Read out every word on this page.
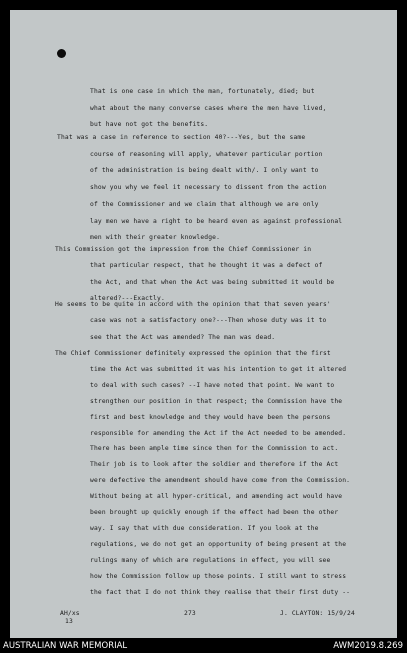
That is one case in which the man, fortunately, died; but
what about the many converse cases where the men have lived,
but have not got the benefits.
That was a case in reference to section 40?---Yes, but the same
course of reasoning will apply, whatever particular portion
of the administration is being dealt with/. I only want to
show you why we feel it necessary to dissent from the action
of the Commissioner and we claim that although we are only
lay men we have a right to be heard even as against professional
men with their greater knowledge.
This Commission got the impression from the Chief Commissioner in
that particular respect, that he thought it was a defect of
the Act, and that when the Act was being submitted it would be
altered?---Exactly.
He seems to be quite in accord with the opinion that that seven years'
case was not a satisfactory one?---Then whose duty was it to
see that the Act was amended? The man was dead.
The Chief Commissioner definitely expressed the opinion that the first
time the Act was submitted it was his intention to get it altered
to deal with such cases? --I have noted that point. We want to
strengthen our position in that respect; the Commission have the
first and best knowledge and they would have been the persons
responsible for amending the Act if the Act needed to be amended.
There has been ample time since then for the Commission to act.
Their job is to look after the soldier and therefore if the Act
were defective the amendment should have come from the Commission.
Without being at all hyper-critical, and amending act would have
been brought up quickly enough if the effect had been the other
way. I say that with due consideration. If you look at the
regulations, we do not get an opportunity of being present at the
rulings many of which are regulations in effect, you will see
how the Commission follow up those points. I still want to stress
the fact that I do not think they realise that their first duty --
AH/xs
13
273	J. CLAYTON: 15/9/24
AUSTRALIAN WAR MEMORIAL	AWM2019.8.269
